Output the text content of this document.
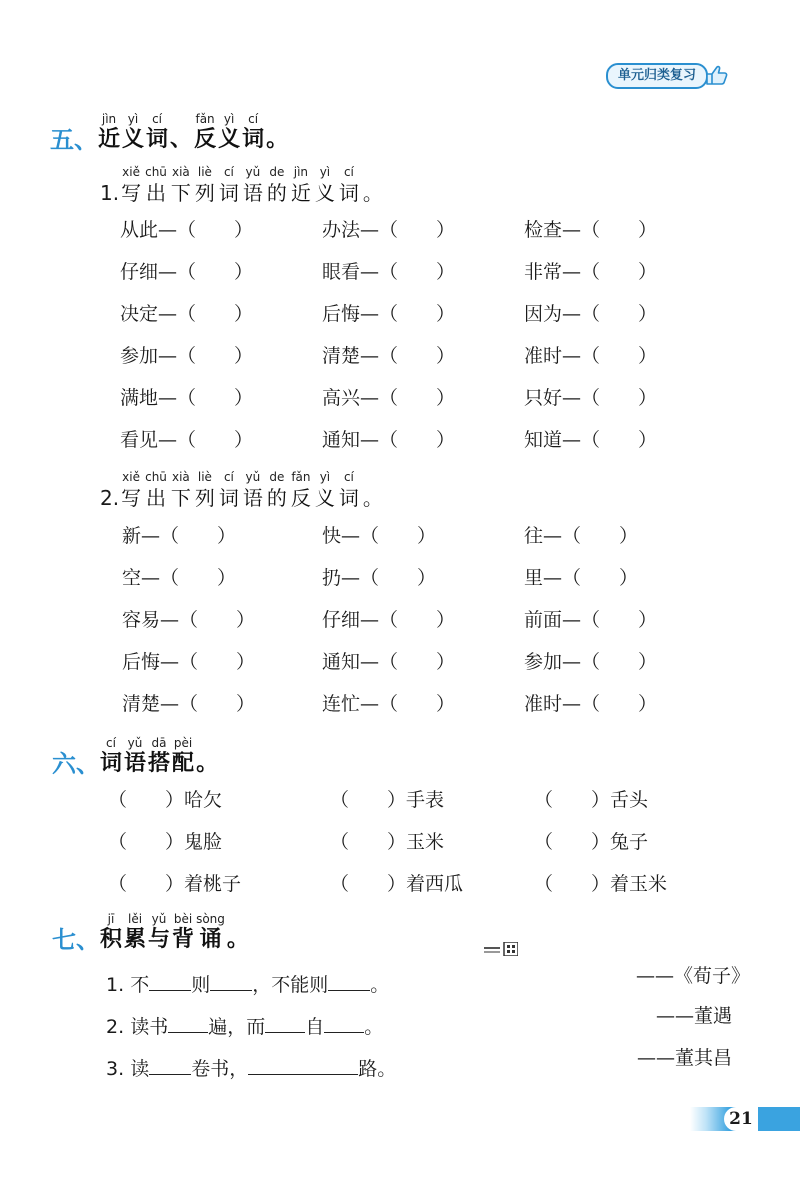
单元归类复习
五、
jìn
近
yì
义
cí
词 、
fǎn
反
yì
义
cí
词 。
1.
xiě
写
chū
出
xià
下
liè
列
cí
词
yǔ
语
de
的
jìn
近
yì
义
cí
词 。
从此—（　　）	办法—（　　）	检查—（　　）
仔细—（　　）	眼看—（　　）	非常—（　　）
决定—（　　）	后悔—（　　）	因为—（　　）
参加—（　　）	清楚—（　　）	准时—（　　）
满地—（　　）	高兴—（　　）	只好—（　　）
看见—（　　）	通知—（　　）	知道—（　　）
2.
xiě
写
chū
出
xià
下
liè
列
cí
词
yǔ
语
de
的
fǎn
反
yì
义
cí
词 。
新—（　　）	快—（　　）	往—（　　）
空—（　　）	扔—（　　）	里—（　　）
容易—（　　）	仔细—（　　）	前面—（　　）
后悔—（　　）	通知—（　　）	参加—（　　）
清楚—（　　）	连忙—（　　）	准时—（　　）
六、
cí
词
yǔ
语
dā
搭
pèi
配 。
（　　）哈欠	（　　）手表	（　　）舌头
（　　）鬼脸	（　　）玉米	（　　）兔子
（　　）着桃子	（　　）着西瓜	（　　）着玉米
七、
jī
积
lěi
累
yǔ
与
bèi
背
sòng
诵 。
1. 不 则 ，不能则 。
2. 读书 遍，而 自 。
3. 读 卷书，	路。
——《荀子》
——董遇
——董其昌
21
